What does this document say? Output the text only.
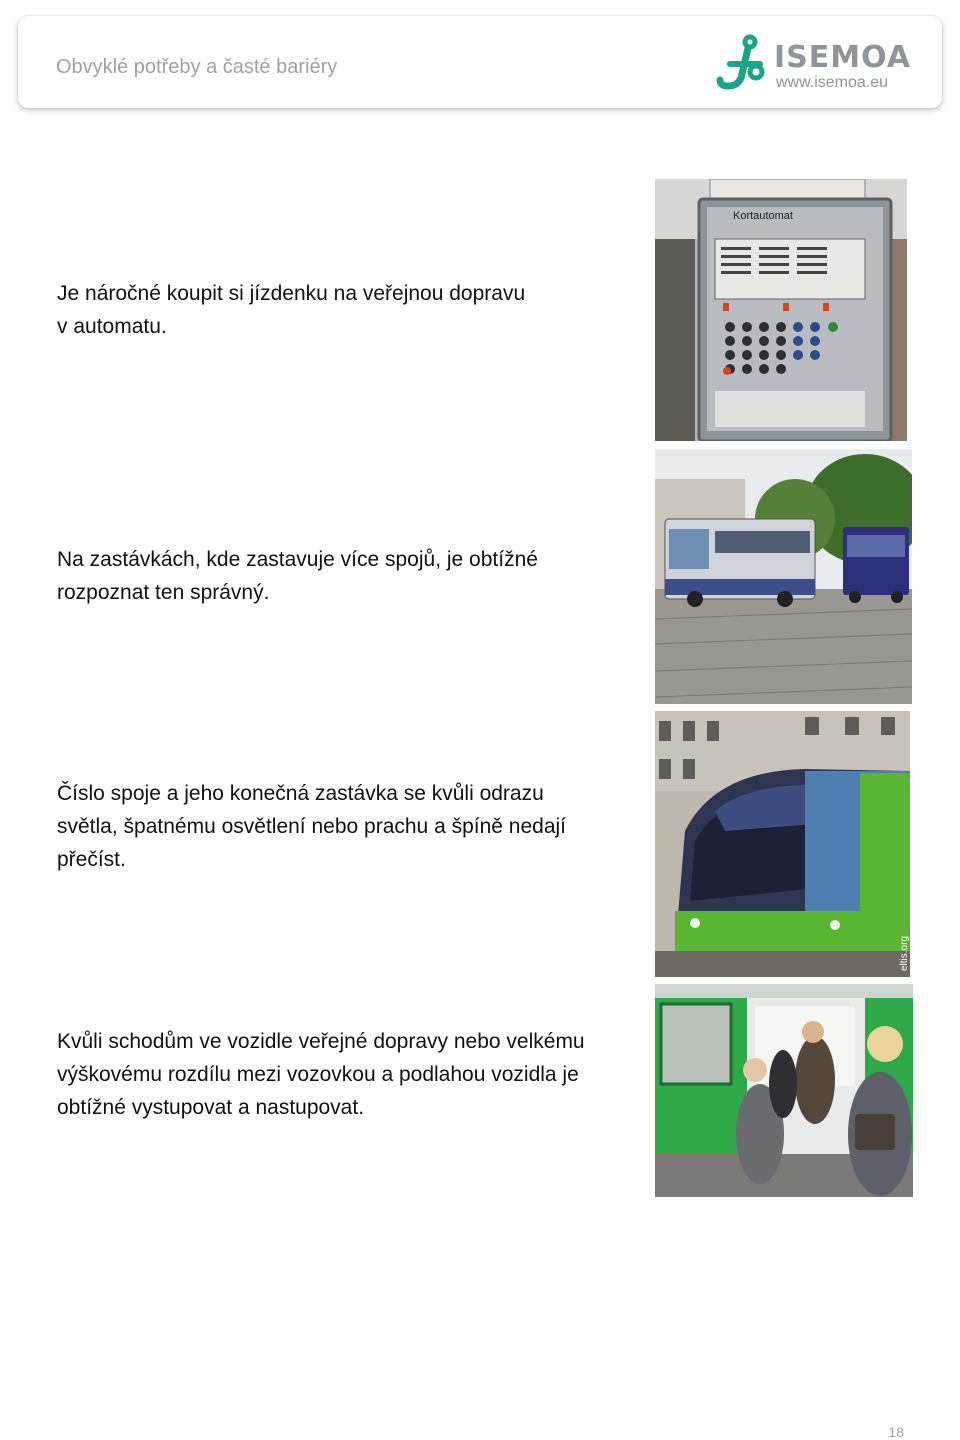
Obvyklé potřeby a časté bariéry	ISEMOA
www.isemoa.eu
Je náročné koupit si jízdenku na veřejnou dopravu
v automatu.
Na zastávkách, kde zastavuje více spojů, je obtížné
rozpoznat ten správný.
Číslo spoje a jeho konečná zastávka se kvůli odrazu
světla, špatnému osvětlení nebo prachu a špíně nedají
přečíst.
Kvůli schodům ve vozidle veřejné dopravy nebo velkému
výškovému rozdílu mezi vozovkou a podlahou vozidla je
obtížné vystupovat a nastupovat.
Kortautomat
eltis.org
18
